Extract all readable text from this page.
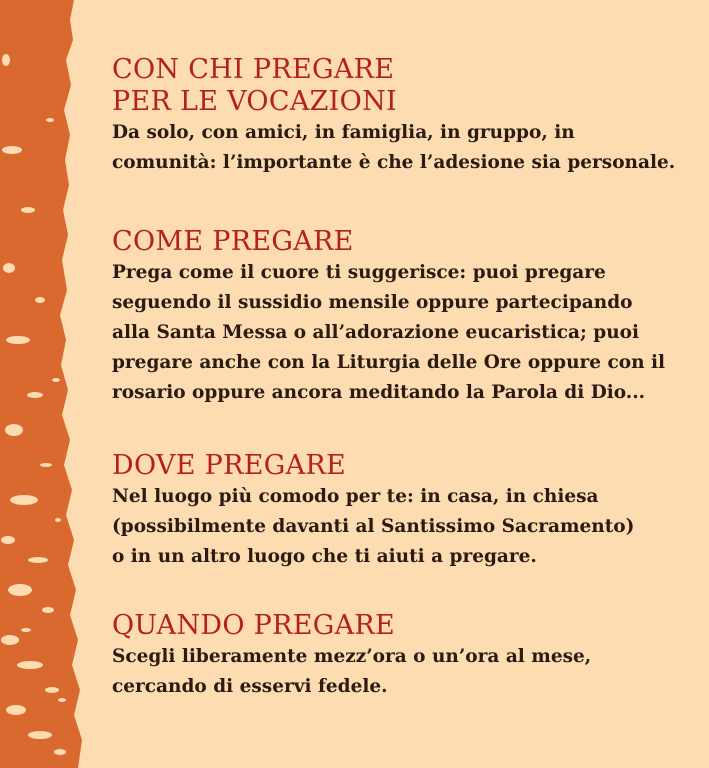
CON CHI PREGARE
PER LE VOCAZIONI

Da solo, con amici, in famiglia, in gruppo, in
comunità: l’importante è che l’adesione sia personale.

COME PREGARE

Prega come il cuore ti suggerisce: puoi pregare
seguendo il sussidio mensile oppure partecipando
alla Santa Messa o all’adorazione eucaristica; puoi
pregare anche con la Liturgia delle Ore oppure con il
rosario oppure ancora meditando la Parola di Dio...

DOVE PREGARE

Nel luogo più comodo per te: in casa, in chiesa
(possibilmente davanti al Santissimo Sacramento)
o in un altro luogo che ti aiuti a pregare.

QUANDO PREGARE

Scegli liberamente mezz’ora o un’ora al mese,
cercando di esservi fedele.
